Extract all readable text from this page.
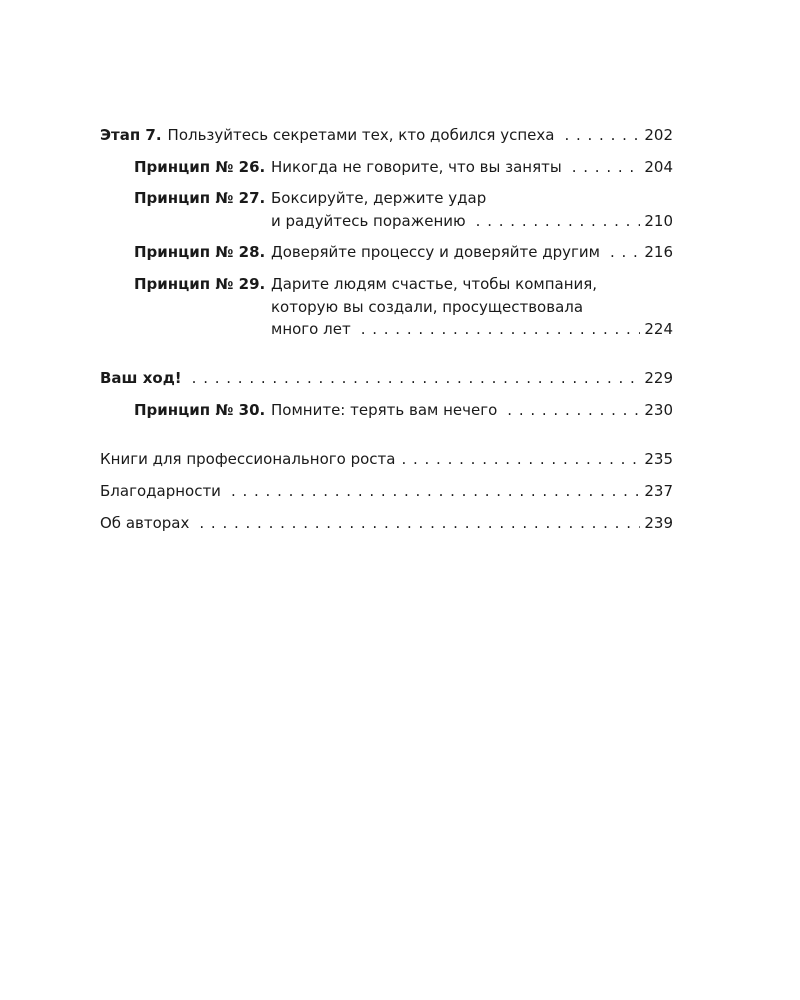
Этап 7. Пользуйтесь секретами тех, кто добился успеха . . .	202
Принцип № 26. Никогда не говорите, что вы заняты . . .	204
Принцип № 27. Боксируйте, держите удар
и радуйтесь поражению . . .	210
Принцип № 28. Доверяйте процессу и доверяйте другим . . .	216
Принцип № 29. Дарите людям счастье, чтобы компания,
которую вы создали, просуществовала
много лет . . .	224
Ваш ход! . . .	229
Принцип № 30. Помните: терять вам нечего . . .	230
Книги для профессионального роста . . .	235
Благодарности . . .	237
Об авторах . . .	239
